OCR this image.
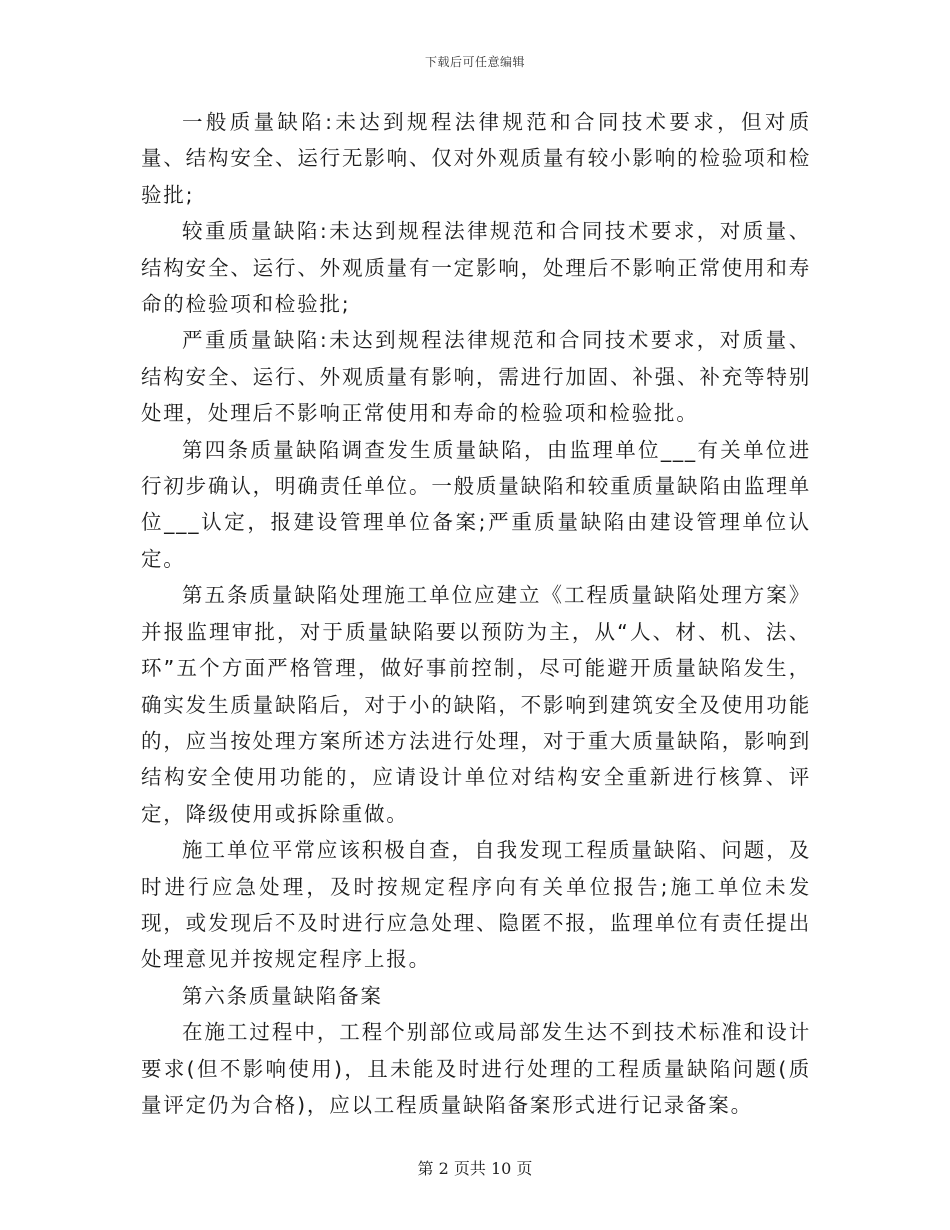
下载后可任意编辑

一般质量缺陷:未达到规程法律规范和合同技术要求，但对质量、结构安全、运行无影响、仅对外观质量有较小影响的检验项和检验批;

较重质量缺陷:未达到规程法律规范和合同技术要求，对质量、结构安全、运行、外观质量有一定影响，处理后不影响正常使用和寿命的检验项和检验批;

严重质量缺陷:未达到规程法律规范和合同技术要求，对质量、结构安全、运行、外观质量有影响，需进行加固、补强、补充等特别处理，处理后不影响正常使用和寿命的检验项和检验批。

第四条质量缺陷调查发生质量缺陷，由监理单位___有关单位进行初步确认，明确责任单位。一般质量缺陷和较重质量缺陷由监理单位___认定，报建设管理单位备案;严重质量缺陷由建设管理单位认定。

第五条质量缺陷处理施工单位应建立《工程质量缺陷处理方案》并报监理审批，对于质量缺陷要以预防为主，从“人、材、机、法、环”五个方面严格管理，做好事前控制，尽可能避开质量缺陷发生，确实发生质量缺陷后，对于小的缺陷，不影响到建筑安全及使用功能的，应当按处理方案所述方法进行处理，对于重大质量缺陷，影响到结构安全使用功能的，应请设计单位对结构安全重新进行核算、评定，降级使用或拆除重做。

施工单位平常应该积极自查，自我发现工程质量缺陷、问题，及时进行应急处理，及时按规定程序向有关单位报告;施工单位未发现，或发现后不及时进行应急处理、隐匿不报，监理单位有责任提出处理意见并按规定程序上报。

第六条质量缺陷备案

在施工过程中，工程个别部位或局部发生达不到技术标准和设计要求(但不影响使用)，且未能及时进行处理的工程质量缺陷问题(质量评定仍为合格)，应以工程质量缺陷备案形式进行记录备案。

第 2 页共 10 页
